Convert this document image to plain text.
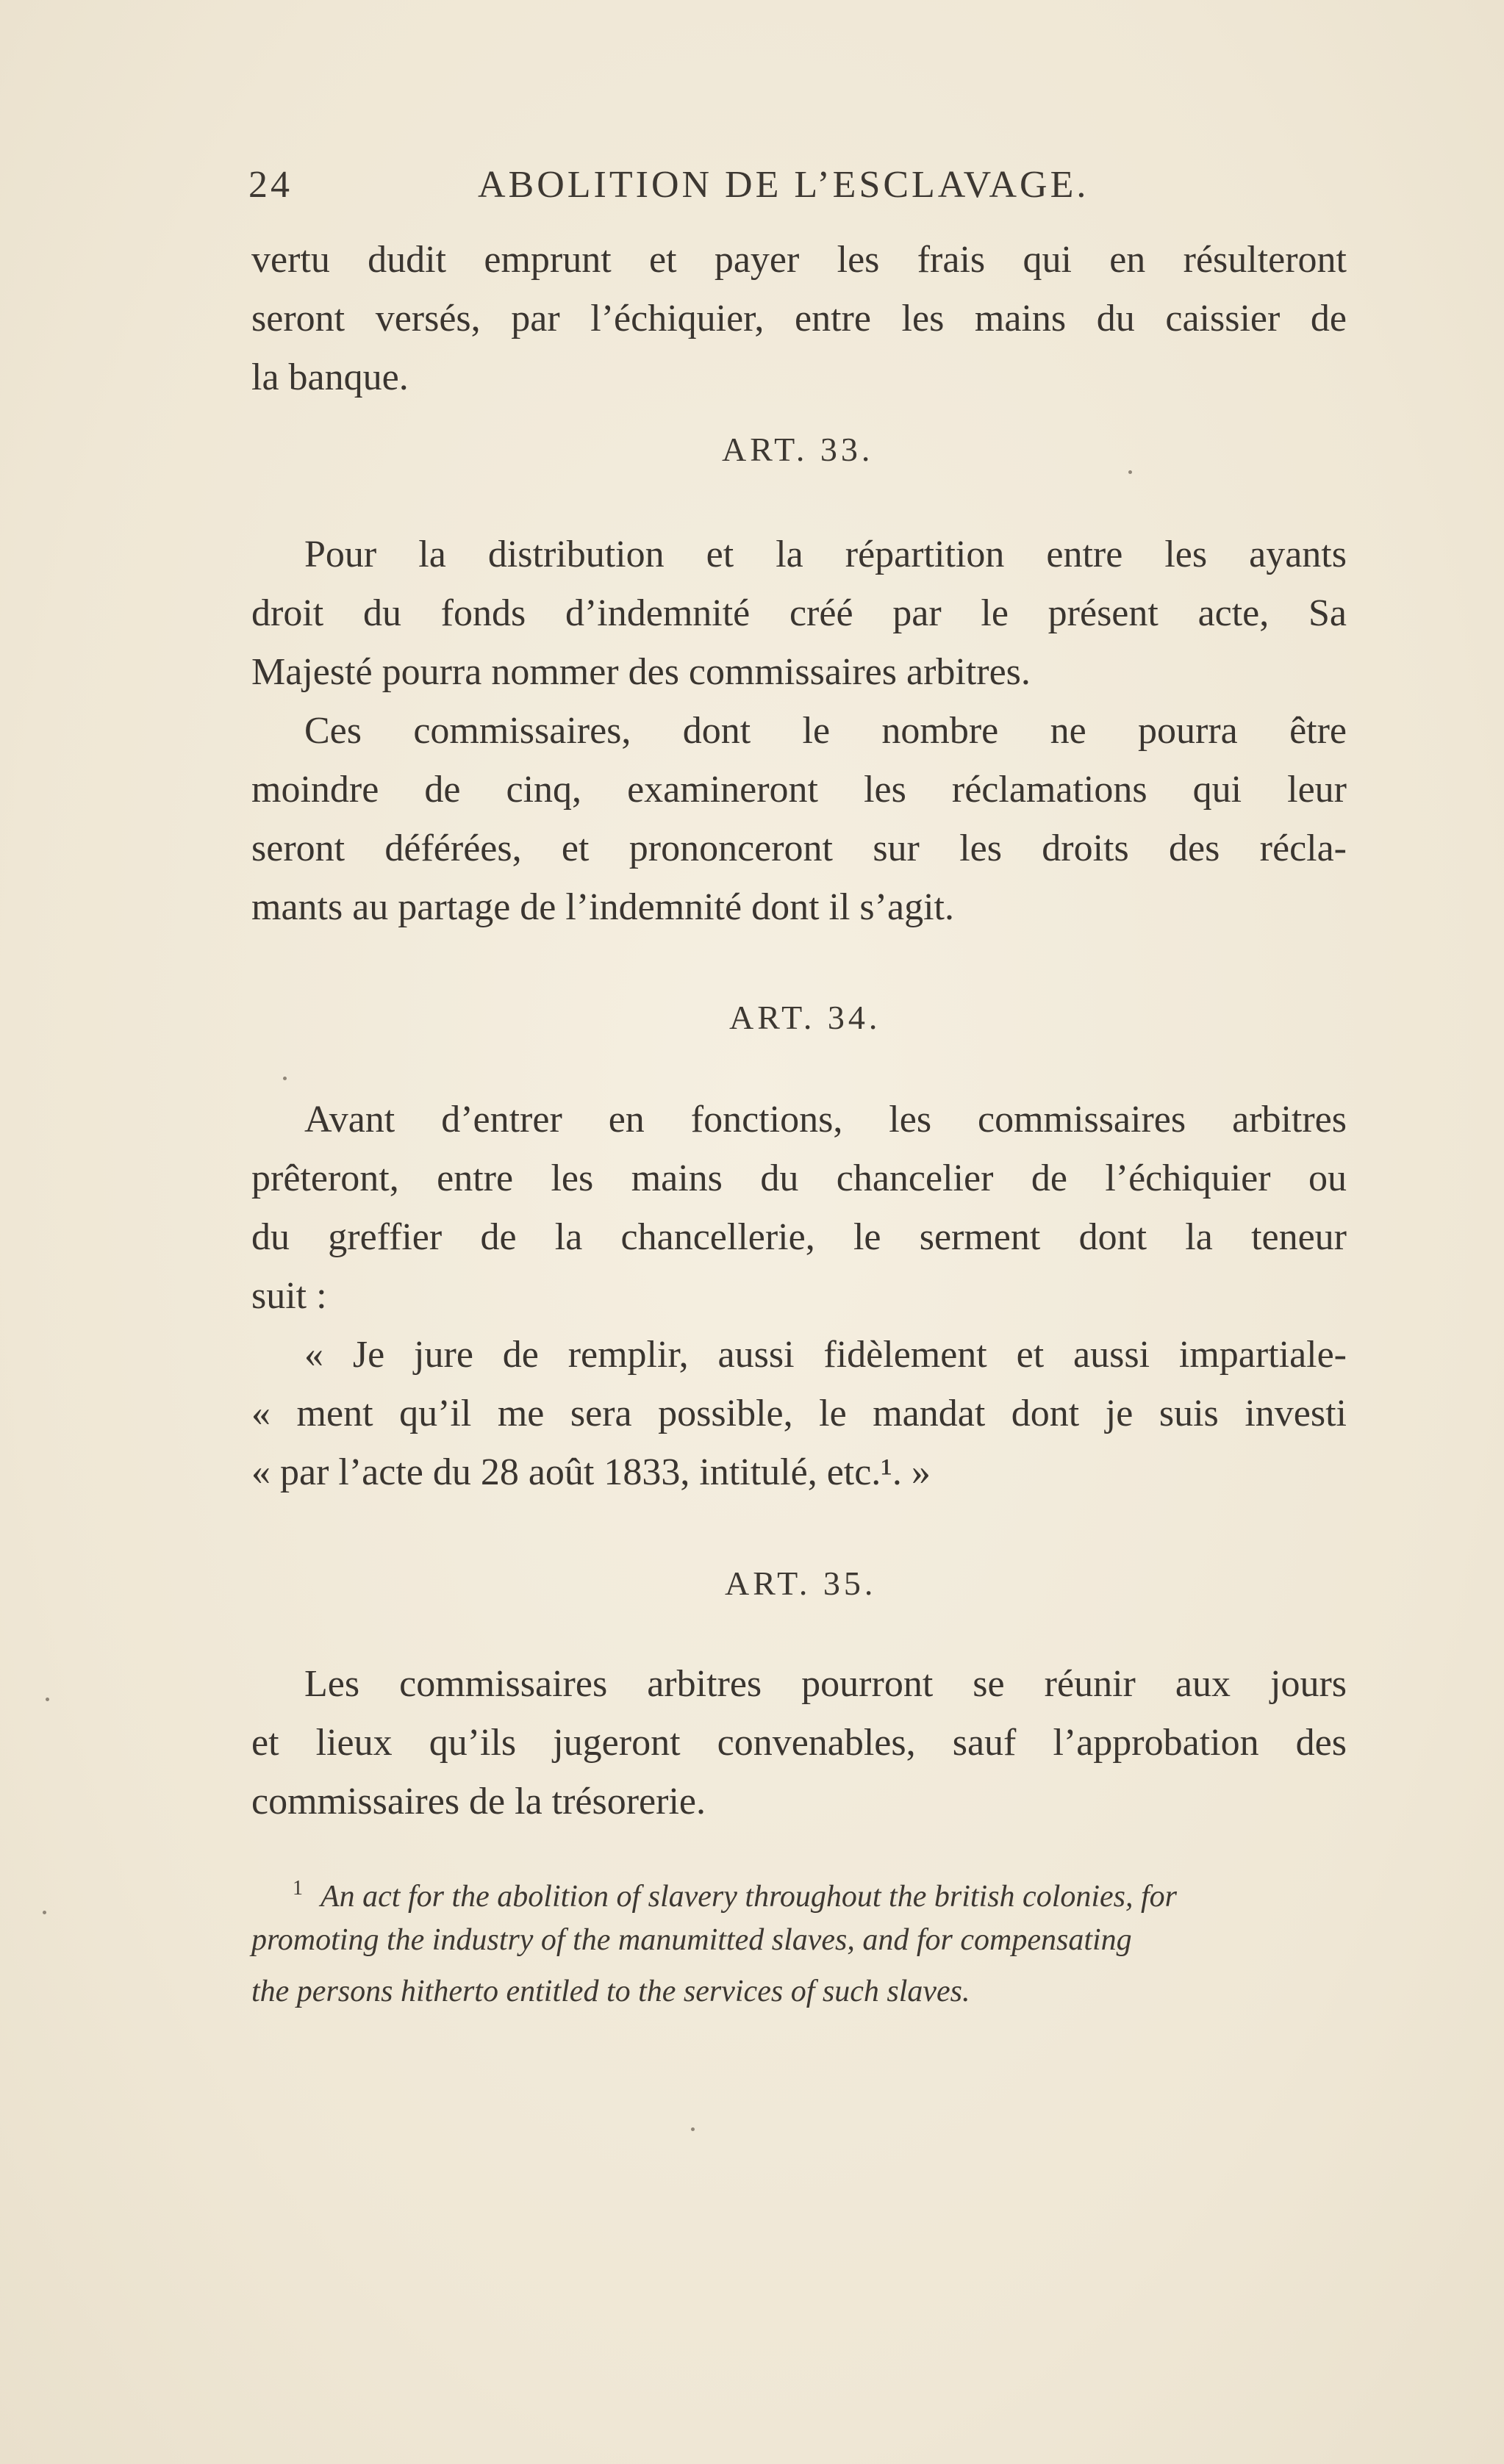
24	ABOLITION DE L’ESCLAVAGE.
vertu dudit emprunt et payer les frais qui en résulteront
seront versés, par l’échiquier, entre les mains du caissier de
la banque.
ART. 33.
Pour la distribution et la répartition entre les ayants
droit du fonds d’indemnité créé par le présent acte, Sa
Majesté pourra nommer des commissaires arbitres.
Ces commissaires, dont le nombre ne pourra être
moindre de cinq, examineront les réclamations qui leur
seront déférées, et prononceront sur les droits des récla-
mants au partage de l’indemnité dont il s’agit.
ART. 34.
Avant d’entrer en fonctions, les commissaires arbitres
prêteront, entre les mains du chancelier de l’échiquier ou
du greffier de la chancellerie, le serment dont la teneur
suit :
« Je jure de remplir, aussi fidèlement et aussi impartiale-
« ment qu’il me sera possible, le mandat dont je suis investi
« par l’acte du 28 août 1833, intitulé, etc.¹. »
ART. 35.
Les commissaires arbitres pourront se réunir aux jours
et lieux qu’ils jugeront convenables, sauf l’approbation des
commissaires de la trésorerie.
$^1$ An act for the abolition of slavery throughout the british colonies, for
promoting the industry of the manumitted slaves, and for compensating
the persons hitherto entitled to the services of such slaves.
